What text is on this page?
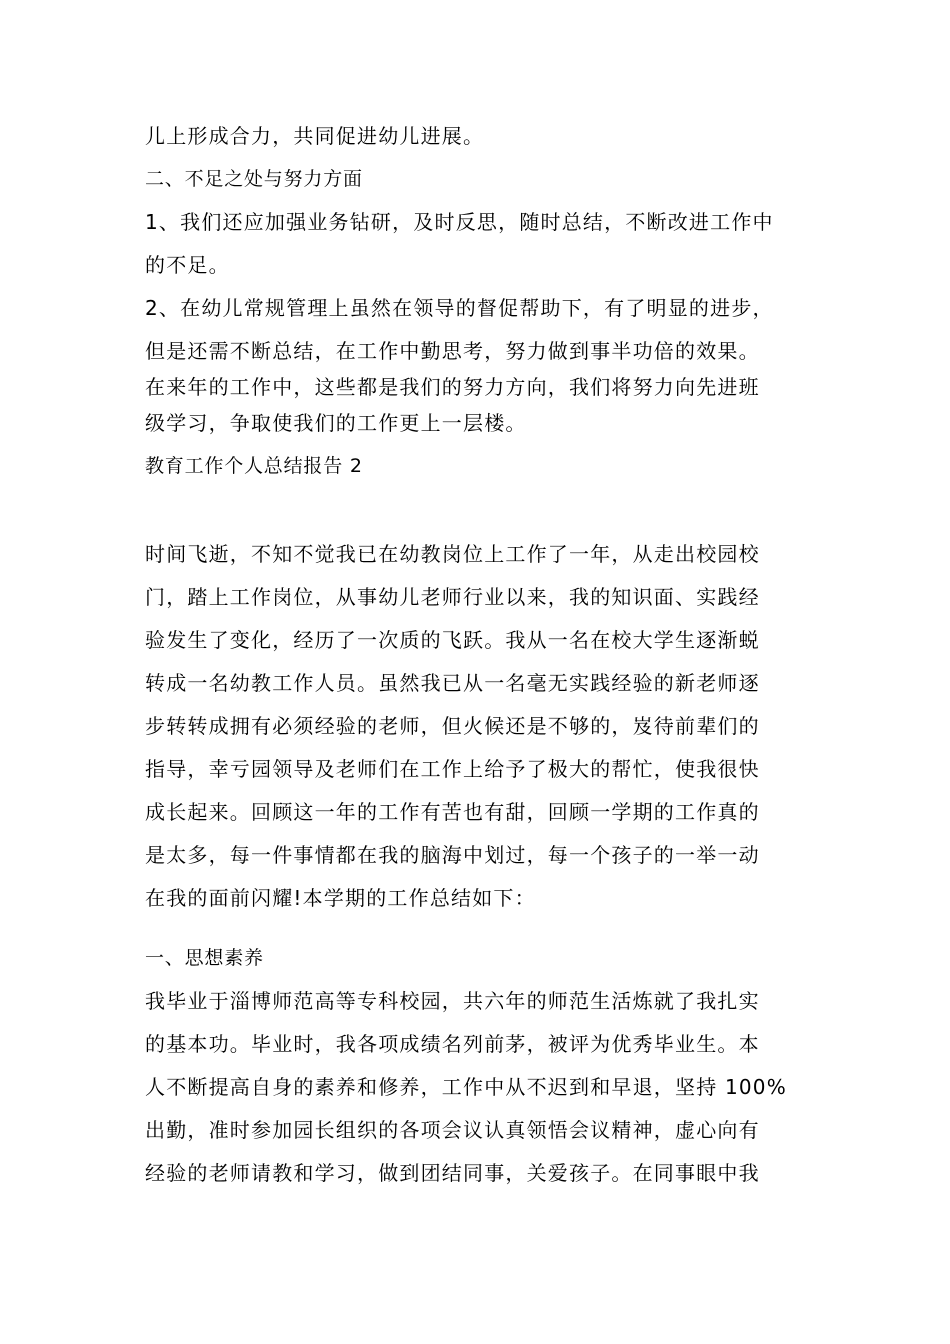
儿上形成合力，共同促进幼儿进展。
二、不足之处与努力方面
1、我们还应加强业务钻研，及时反思，随时总结，不断改进工作中
的不足。
2、在幼儿常规管理上虽然在领导的督促帮助下，有了明显的进步，
但是还需不断总结，在工作中勤思考，努力做到事半功倍的效果。
在来年的工作中，这些都是我们的努力方向，我们将努力向先进班
级学习，争取使我们的工作更上一层楼。
教育工作个人总结报告 2
时间飞逝，不知不觉我已在幼教岗位上工作了一年，从走出校园校
门，踏上工作岗位，从事幼儿老师行业以来，我的知识面、实践经
验发生了变化，经历了一次质的飞跃。我从一名在校大学生逐渐蜕
转成一名幼教工作人员。虽然我已从一名毫无实践经验的新老师逐
步转转成拥有必须经验的老师，但火候还是不够的，岌待前辈们的
指导，幸亏园领导及老师们在工作上给予了极大的帮忙，使我很快
成长起来。回顾这一年的工作有苦也有甜，回顾一学期的工作真的
是太多，每一件事情都在我的脑海中划过，每一个孩子的一举一动
在我的面前闪耀!本学期的工作总结如下：
一、思想素养
我毕业于淄博师范高等专科校园，共六年的师范生活炼就了我扎实
的基本功。毕业时，我各项成绩名列前茅，被评为优秀毕业生。本
人不断提高自身的素养和修养，工作中从不迟到和早退，坚持 100%
出勤，准时参加园长组织的各项会议认真领悟会议精神，虚心向有
经验的老师请教和学习，做到团结同事，关爱孩子。在同事眼中我
